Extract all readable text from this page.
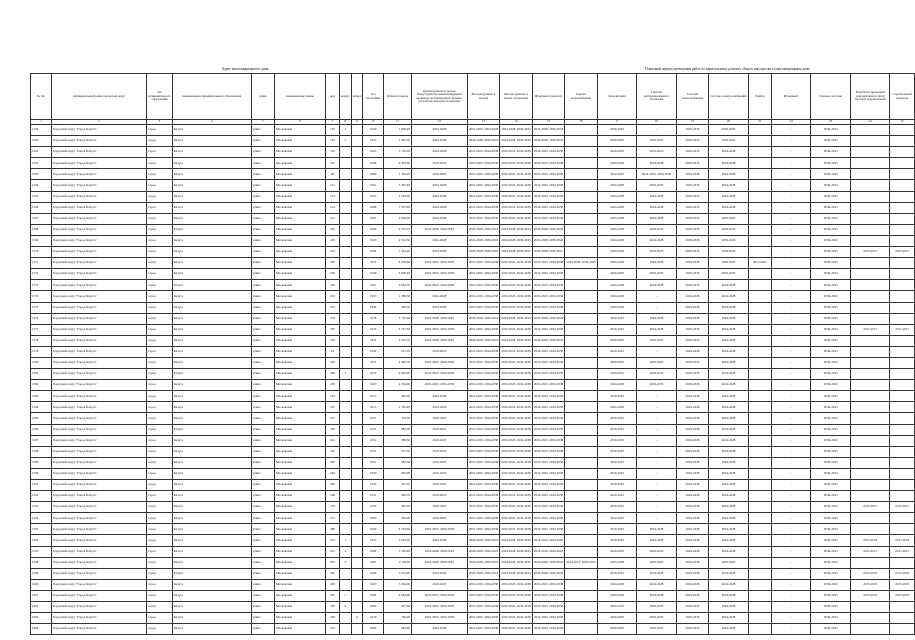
Адрес многоквартирного дома	Плановый период проведения работ по капитальному ремонту общего имущества в многоквартирном доме
№ п/п	муниципальный район/городской округ	тип муниципального образования	наименование муниципального образования	улица	наименование улицы	дом	корпус	литера	Год постройки	Общая площадь	Кровля (ремонт в целом: переустройство невентилируемой кровли на вентилируемую кровлю, устройство выходов на кровлю)	Фасады (ремонт в целом)	Фасады (ремонт в целом, утепление)	Фундамент (ремонт)	Горячее водоснабжение	Канализация	Система централизованного отопления	Система теплоснабжения	Система электроснабжения	Лифты	Фундамент	Газовые системы	Разработка проектной документации и (или) сметной документации	Строительный контроль
1	2	3	4	5	6	7	8	9	10	11	12	13	14	15	16	17	18	19	20	21	22	23	24	25
1559	Городской округ "Город Калуга"	город	Калуга	улица	Московская	193	1		1960	1 999,20	2024-2028	2019-2023, 2024-2028	2024-2028, 2039-2043	2024-2028, 2029-2033		2039-2043	-	2029-2033	2039-2043		-	2039-2043		
1560	Городской округ "Город Калуга"	город	Калуга	улица	Московская	193	2		1970	1 805,30	2024-2028	2034-2038, 2039-2043	2024-2028, 2039-2043	2034-2038, 2039-2043		2029-2033	2029-2033	2029-2033	2039-2043		-	2039-2043		
1561	Городской округ "Город Калуга"	город	Калуга	улица	Московская	195			1963	3 170,00	2024-2028	2019-2023, 2034-2038	2019-2023, 2034-2038	2019-2023, 2034-2038		2029-2033	2019-2023	2029-2033	2024-2028		-	2039-2043		
1562	Городской округ "Город Калуга"	город	Калуга	улица	Московская	197			1968	4 478,30	2019-2023	2019-2023, 2034-2038	2019-2023, 2034-2038	2019-2023, 2034-2038		2024-2028	2024-2028	2029-2033	2024-2028		-	2039-2043		
1563	Городской округ "Город Калуга"	город	Калуга	улица	Московская	20			1890	1 334,20	2019-2023	2019-2023, 2034-2038	2019-2023, 2034-2038	2019-2023, 2034-2038		2019-2023	2019-2023, 2034-2038	2024-2028	2024-2028		-	2039-2043		
1564	Городской округ "Город Калуга"	город	Калуга	улица	Московская	211			1961	5 397,40	2024-2028	2019-2023, 2034-2038	2019-2023, 2034-2038	2019-2023, 2034-2038		2024-2028	2029-2033	2029-2033	2024-2028		-	2039-2043		
1565	Городской округ "Город Калуга"	город	Калуга	улица	Московская	213			1965	2 563,90	2024-2028	2019-2023, 2034-2038	2019-2023, 2034-2038	2019-2023, 2034-2038		2024-2028	2024-2028	2029-2033	2024-2028		-	2039-2043		
1566	Городской округ "Город Калуга"	город	Калуга	улица	Московская	214			1968	7 557,90	2024-2028	2019-2023, 2034-2038	2019-2023, 2034-2038	2019-2023, 2034-2038		2024-2028	2024-2028	2029-2033	2024-2028		-	2039-2043		
1567	Городской округ "Город Калуга"	город	Калуга	улица	Московская	215			1965	2 958,30	2024-2028	2019-2023, 2034-2038	2019-2023, 2034-2038	2019-2023, 2034-2038		2024-2028	2024-2028	2029-2033	2029-2033		-	2039-2043		
1568	Городской округ "Город Калуга"	город	Калуга	улица	Московская	216			1966	2 570,10	2024-2028, 2039-2043	2024-2028, 2039-2043	2024-2028, 2039-2043	2024-2028, 2039-2043		2024-2028	2029-2033	2029-2033	2029-2033		-	2039-2043		
1569	Городской округ "Город Калуга"	город	Калуга	улица	Московская	218			1963	2 510,30	2024-2028	2024-2028, 2039-2043	2024-2028, 2039-2043	2024-2028, 2039-2043		2024-2028	2024-2028	2029-2033	2039-2043		-	2039-2043		
1570	Городской округ "Город Калуга"	город	Калуга	улица	Московская	219			1964	3 344,20	2024-2028	2024-2028, 2039-2043	2024-2028, 2039-2043	2024-2028, 2039-2043		2024-2028	2019-2023	2029-2033	2039-2043		-	2039-2043	2015-2015	2015-2015
1571	Городской округ "Город Калуга"	город	Калуга	улица	Московская	220			1972	4 659,40	2019-2023, 2034-2038	2019-2023, 2034-2038	2019-2023, 2034-2038	2019-2023, 2034-2038	2024-2028, 2039-2043	2024-2028	2024-2028	2024-2028	2039-2043	2019-2023	-	2039-2043		
1572	Городской округ "Город Калуга"	город	Калуга	улица	Московская	228			1969	4 900,40	2019-2023, 2034-2038	2019-2023, 2034-2038	2019-2023, 2034-2038	2019-2023, 2034-2038		2029-2033	2029-2033	2029-2033	2029-2033		-	2039-2043		
1573	Городской округ "Город Калуга"	город	Калуга	улица	Московская	230			1967	2 654,70	2019-2023, 2034-2038	2019-2023, 2034-2038	2019-2023, 2034-2038	2019-2023, 2034-2038		2024-2028	2024-2028	2029-2033	2024-2028		-	2039-2043		
1574	Городской округ "Город Калуга"	город	Калуга	улица	Московская	232			1957	1 380,30	2024-2028	2019-2023, 2034-2038	2019-2023, 2034-2038	2019-2023, 2034-2038		2024-2028	-	2024-2028	2024-2028		-	2039-2043		
1575	Городской округ "Город Калуга"	город	Калуга	улица	Московская	233			1949	430,70	2024-2028	2019-2023, 2034-2038	2019-2023, 2034-2038	2019-2023, 2034-2038		2024-2028	-	2024-2028	2024-2028		-	2039-2043		
1576	Городской округ "Город Калуга"	город	Калуга	улица	Московская	234			1978	5 716,20	2024-2028, 2039-2043	2024-2028, 2039-2043	2024-2028, 2039-2043	2024-2028, 2039-2043		2019-2023	2024-2028	2024-2028	2024-2028		-	2039-2043		
1577	Городской округ "Город Калуга"	город	Калуга	улица	Московская	235			1972	4 727,50	2019-2023, 2034-2038	2019-2023, 2034-2038	2019-2023, 2034-2038	2019-2023, 2034-2038		2019-2023	2024-2028	2029-2033	2024-2028		-	2039-2043	2015-2015	2015-2015
1578	Городской округ "Город Калуга"	город	Калуга	улица	Московская	236			1974	4 525,10	2024-2028, 2039-2043	2024-2028, 2039-2043	2024-2028, 2039-2043	2024-2028, 2039-2043		2029-2033	2029-2033	2029-2033	2024-2028		-	2039-2043		
1579	Городской округ "Город Калуга"	город	Калуга	улица	Московская	24			1990	231,70	2019-2023	2019-2023, 2034-2038	2019-2023, 2034-2038	2019-2023, 2034-2038		2019-2023	-	2024-2028	2024-2028		-	2039-2043		
1580	Городской округ "Город Калуга"	город	Калуга	улица	Московская	240			1972	4 496,30	2019-2023, 2034-2038	2019-2023, 2034-2038	2019-2023, 2034-2038	2019-2023, 2034-2038		2029-2033	2029-2033	2029-2033	2024-2028		-	2039-2043		
1581	Городской округ "Город Калуга"	город	Калуга	улица	Московская	248	1		1972	4 662,00	2019-2023, 2034-2038	2019-2023, 2034-2038	2019-2023, 2034-2038	2019-2023, 2034-2038		2029-2033	2029-2033	2029-2033	2024-2028		-	2039-2043		
1582	Городской округ "Город Калуга"	город	Калуга	улица	Московская	250			1967	2 234,90	2019-2023, 2034-2038	2019-2023, 2034-2038	2019-2023, 2034-2038	2019-2023, 2034-2038		2024-2028	2029-2033	2029-2033	2024-2028		-	2039-2043		
1583	Городской округ "Город Калуга"	город	Калуга	улица	Московская	253			1913	482,00	2024-2028	2019-2023, 2034-2038	2019-2023, 2034-2038	2019-2023, 2034-2038		2019-2023	-	2024-2028	2024-2028		-	2039-2043		
1584	Городской округ "Город Калуга"	город	Калуга	улица	Московская	255			1915	1 705,40	2024-2028	2019-2023, 2034-2038	2019-2023, 2034-2038	2019-2023, 2034-2038		2024-2028	-	2024-2028	2024-2028		-	2039-2043		
1585	Городской округ "Город Калуга"	город	Калуга	улица	Московская	257			1951	379,50	2019-2023	2019-2023, 2034-2038	2019-2023, 2034-2038	2019-2023, 2034-2038		2019-2023	-	2024-2028	2024-2028		-	2039-2043		
1586	Городской округ "Город Калуга"	город	Калуга	улица	Московская	259			1951	382,50	2019-2023	2019-2023, 2034-2038	2019-2023, 2034-2038	2019-2023, 2034-2038		2019-2023	-	2024-2028	2024-2028		-	2039-2043		
1587	Городской округ "Город Калуга"	город	Калуга	улица	Московская	261			1951	380,50	2019-2023	2019-2023, 2034-2038	2019-2023, 2034-2038	2019-2023, 2034-2038		2019-2023	-	2024-2028	2024-2028		-	2039-2043		
1588	Городской округ "Город Калуга"	город	Калуга	улица	Московская	262			1951	357,20	2019-2023	2019-2023, 2034-2038	2019-2023, 2034-2038	2019-2023, 2034-2038		2019-2023	-	2024-2028	2024-2028		-	2039-2043		
1589	Городской округ "Город Калуга"	город	Калуга	улица	Московская	263			1951	382,30	2019-2023	2019-2023, 2034-2038	2019-2023, 2034-2038	2019-2023, 2034-2038		2019-2023	-	2024-2028	2024-2028		-	2039-2043		
1590	Городской округ "Город Калуга"	город	Калуга	улица	Московская	264			1950	365,00	2019-2023	2019-2023, 2034-2038	2019-2023, 2034-2038	2019-2023, 2034-2038		2019-2023	-	2024-2028	2024-2028		-	2039-2043		
1591	Городской округ "Город Калуга"	город	Калуга	улица	Московская	266			1950	367,20	2019-2023	2019-2023, 2034-2038	2019-2023, 2034-2038	2019-2023, 2034-2038		2019-2023	-	2024-2028	2024-2028		-	2039-2043		
1592	Городской округ "Город Калуга"	город	Калуга	улица	Московская	268			1951	360,70	2019-2023	2019-2023, 2034-2038	2019-2023, 2034-2038	2019-2023, 2034-2038		2019-2023	-	2024-2028	2024-2028		-	2039-2043		
1593	Городской округ "Город Калуга"	город	Калуга	улица	Московская	270			1950	362,10	2019-2023	2019-2023, 2034-2038	2019-2023, 2034-2038	2019-2023, 2034-2038		2019-2023	-	2024-2028	2024-2028		-	2039-2043	2015-2015	2015-2015
1594	Городской округ "Город Калуга"	город	Калуга	улица	Московская	272			1950	366,00	2019-2023	2019-2023, 2034-2038	2019-2023, 2034-2038	2019-2023, 2034-2038		2019-2023	-	2024-2028	2024-2028		-	2039-2043		
1595	Городской округ "Город Калуга"	город	Калуга	улица	Московская	289			1969	4 763,90	2019-2023, 2034-2038	2019-2023, 2034-2038	2019-2023, 2034-2038	2019-2023, 2034-2038		2019-2023	2024-2028	2024-2028	2024-2028		-	2039-2043		
1596	Городской округ "Город Калуга"	город	Калуга	улица	Московская	291	1		1970	3 245,30	2024-2028	2024-2028, 2039-2043	2024-2028, 2039-2043	2014-2016, 2024-2028		2019-2023	2024-2028	2024-2028	2024-2028		-	2039-2043	2015-2018	2015-2018
1597	Городской округ "Город Калуга"	город	Калуга	улица	Московская	291	2		1980	3 195,90	2024-2028, 2039-2043	2024-2028, 2039-2043	2024-2028, 2039-2043	2014-2016, 2024-2028		2029-2033	2029-2033	2024-2028	2024-2028		-	2039-2043	2015-2015	2015-2015
1598	Городской округ "Город Калуга"	город	Калуга	улица	Московская	291	3		1987	2 118,30	2024-2028, 2039-2043	2024-2028, 2039-2043	2024-2028, 2039-2043	2024-2028, 2039-2043	2014-2016, 2029-2033	2024-2028	2029-2033	2024-2028	2029-2033		-	2039-2043		
1599	Городской округ "Город Калуга"	город	Калуга	улица	Московская	292			1968	3 255,90	2024-2028	2024-2028, 2039-2043	2024-2028, 2039-2043	2024-2028, 2039-2043		2019-2023	2024-2028	2024-2028	2024-2028		-	2039-2043	2015-2018	2015-2018
1600	Городской округ "Город Калуга"	город	Калуга	улица	Московская	293			1967	3 394,00	2019-2023	2019-2023, 2034-2038	2019-2023, 2034-2038	2019-2023, 2034-2038		2024-2028	2024-2028	2024-2028	2024-2028		-	2039-2043	2015-2018	2015-2018
1601	Городской округ "Город Калуга"	город	Калуга	улица	Московская	295	1		1962	4 664,90	2019-2023, 2034-2038	2019-2023, 2034-2038	2019-2023, 2034-2038	2019-2023, 2034-2038		2024-2028	2024-2028	2024-2028	2024-2028		-	2039-2043	2015-2018	2015-2018
1602	Городской округ "Город Калуга"	город	Калуга	улица	Московская	295	2		1969	647,00	2019-2023, 2034-2038	2019-2023, 2034-2038	2019-2023, 2034-2038	2019-2023, 2034-2038		2029-2033	2029-2033	2029-2033	2024-2028		-	2039-2043		
1603	Городской округ "Город Калуга"	город	Калуга	улица	Московская	299		А	1970	706,60	2019-2023, 2034-2038	2019-2023, 2034-2038	2019-2023, 2034-2038	2019-2023, 2034-2038		2029-2033	2029-2033	2029-2033	2024-2028		-	2039-2043		
1604	Городской округ "Город Калуга"	город	Калуга	улица	Московская	301			1969	649,60	2024-2028	2019-2023, 2034-2038	2019-2023, 2034-2038	2019-2023, 2034-2038		2029-2033	2029-2033	2029-2033	2024-2028		-	2039-2043		
